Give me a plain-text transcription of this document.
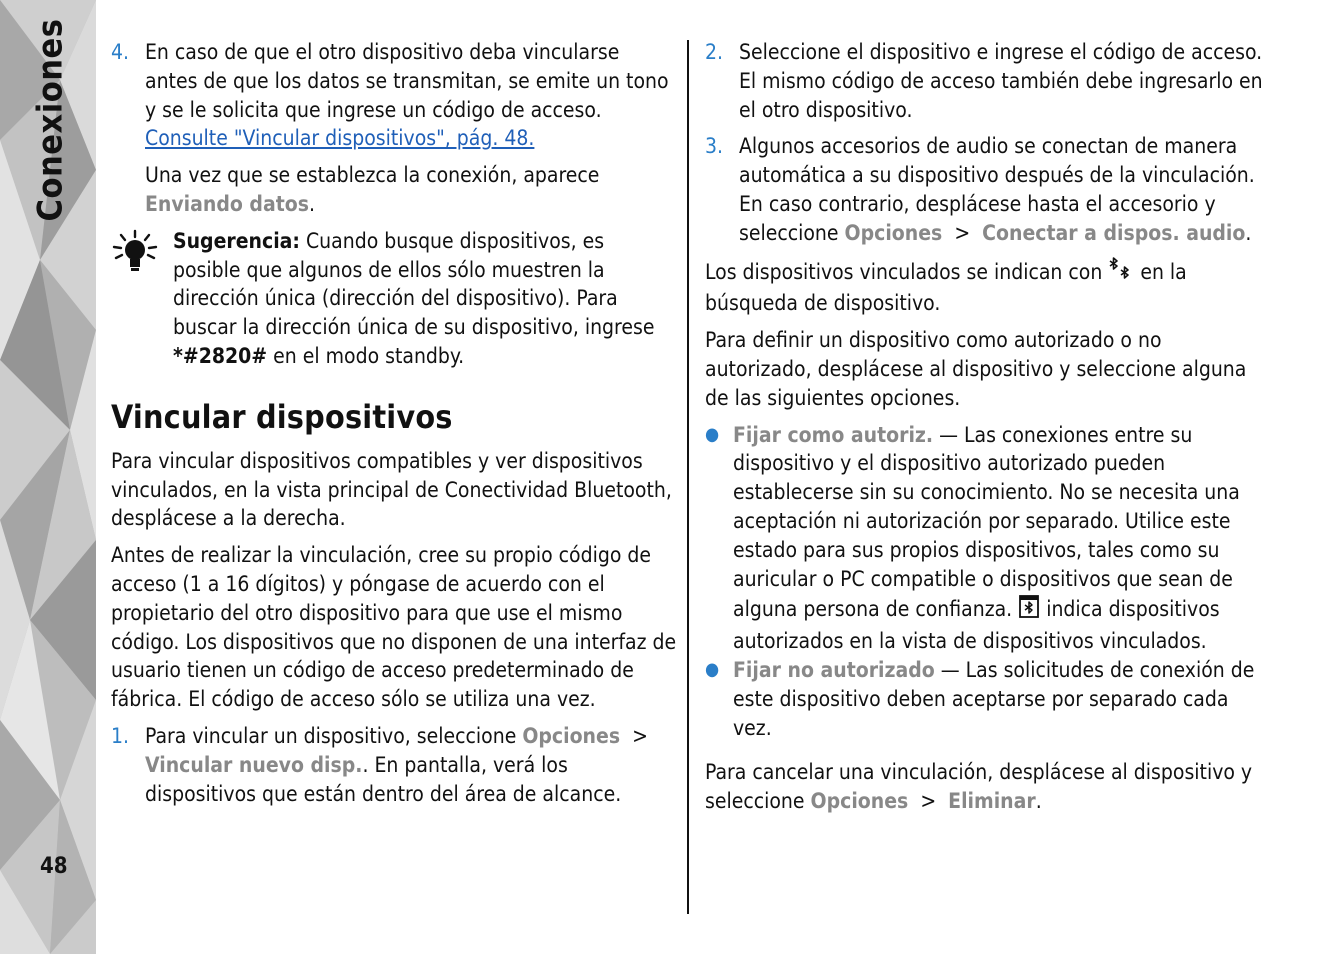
Conexiones
48
4. En caso de que el otro dispositivo deba vincularse antes de que los datos se transmitan, se emite un tono y se le solicita que ingrese un código de acceso. Consulte "Vincular dispositivos", pág. 48.

Una vez que se establezca la conexión, aparece Enviando datos.

Sugerencia: Cuando busque dispositivos, es posible que algunos de ellos sólo muestren la dirección única (dirección del dispositivo). Para buscar la dirección única de su dispositivo, ingrese *#2820# en el modo standby.
Vincular dispositivos

Para vincular dispositivos compatibles y ver dispositivos vinculados, en la vista principal de Conectividad Bluetooth, desplácese a la derecha.

Antes de realizar la vinculación, cree su propio código de acceso (1 a 16 dígitos) y póngase de acuerdo con el propietario del otro dispositivo para que use el mismo código. Los dispositivos que no disponen de una interfaz de usuario tienen un código de acceso predeterminado de fábrica. El código de acceso sólo se utiliza una vez.

1. Para vincular un dispositivo, seleccione Opciones > Vincular nuevo disp.. En pantalla, verá los dispositivos que están dentro del área de alcance.
2. Seleccione el dispositivo e ingrese el código de acceso. El mismo código de acceso también debe ingresarlo en el otro dispositivo.
3. Algunos accesorios de audio se conectan de manera automática a su dispositivo después de la vinculación. En caso contrario, desplácese hasta el accesorio y seleccione Opciones > Conectar a dispos. audio.

Los dispositivos vinculados se indican con en la búsqueda de dispositivo.

Para definir un dispositivo como autorizado o no autorizado, desplácese al dispositivo y seleccione alguna de las siguientes opciones.

● Fijar como autoriz. — Las conexiones entre su dispositivo y el dispositivo autorizado pueden establecerse sin su conocimiento. No se necesita una aceptación ni autorización por separado. Utilice este estado para sus propios dispositivos, tales como su auricular o PC compatible o dispositivos que sean de alguna persona de confianza. indica dispositivos autorizados en la vista de dispositivos vinculados.
● Fijar no autorizado — Las solicitudes de conexión de este dispositivo deben aceptarse por separado cada vez.

Para cancelar una vinculación, desplácese al dispositivo y seleccione Opciones > Eliminar.
